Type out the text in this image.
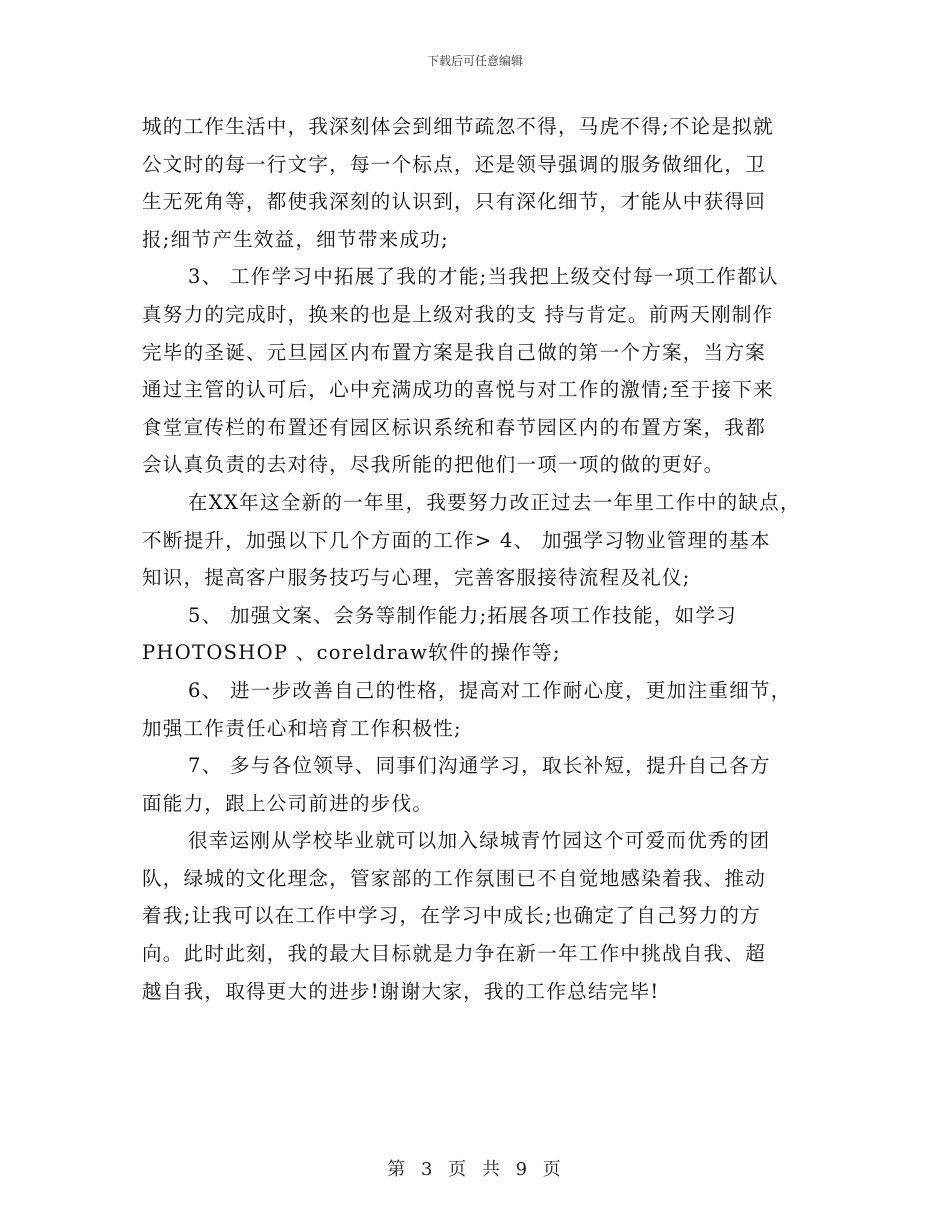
下载后可任意编辑
城的工作生活中，我深刻体会到细节疏忽不得，马虎不得;不论是拟就
公文时的每一行文字，每一个标点，还是领导强调的服务做细化，卫
生无死角等，都使我深刻的认识到，只有深化细节，才能从中获得回
报;细节产生效益，细节带来成功;
3、 工作学习中拓展了我的才能;当我把上级交付每一项工作都认
真努力的完成时，换来的也是上级对我的支 持与肯定。前两天刚制作
完毕的圣诞、元旦园区内布置方案是我自己做的第一个方案，当方案
通过主管的认可后，心中充满成功的喜悦与对工作的激情;至于接下来
食堂宣传栏的布置还有园区标识系统和春节园区内的布置方案，我都
会认真负责的去对待，尽我所能的把他们一项一项的做的更好。
在XX年这全新的一年里，我要努力改正过去一年里工作中的缺点，
不断提升，加强以下几个方面的工作> 4、 加强学习物业管理的基本
知识，提高客户服务技巧与心理，完善客服接待流程及礼仪;
5、 加强文案、会务等制作能力;拓展各项工作技能，如学习
PHOTOSHOP 、coreldraw软件的操作等;
6、 进一步改善自己的性格，提高对工作耐心度，更加注重细节，
加强工作责任心和培育工作积极性;
7、 多与各位领导、同事们沟通学习，取长补短，提升自己各方
面能力，跟上公司前进的步伐。
很幸运刚从学校毕业就可以加入绿城青竹园这个可爱而优秀的团
队，绿城的文化理念，管家部的工作氛围已不自觉地感染着我、推动
着我;让我可以在工作中学习，在学习中成长;也确定了自己努力的方
向。此时此刻，我的最大目标就是力争在新一年工作中挑战自我、超
越自我，取得更大的进步!谢谢大家，我的工作总结完毕!
第 3 页 共 9 页
